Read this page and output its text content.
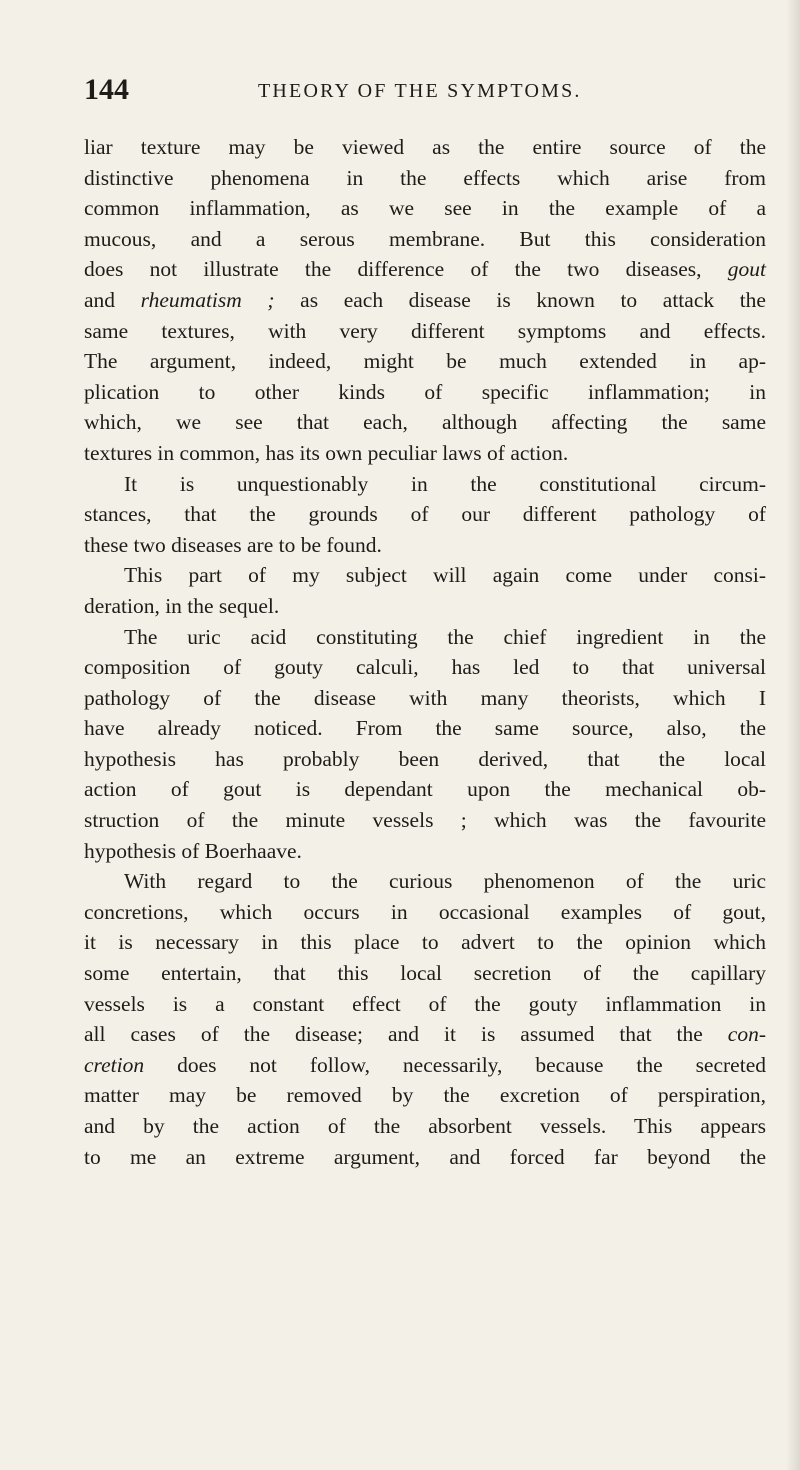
144	THEORY OF THE SYMPTOMS.
liar texture may be viewed as the entire source of the
distinctive phenomena in the effects which arise from
common inflammation, as we see in the example of a
mucous, and a serous membrane. But this consideration
does not illustrate the difference of the two diseases, gout
and rheumatism ; as each disease is known to attack the
same textures, with very different symptoms and effects.
The argument, indeed, might be much extended in ap-
plication to other kinds of specific inflammation; in
which, we see that each, although affecting the same
textures in common, has its own peculiar laws of action.
It is unquestionably in the constitutional circum-
stances, that the grounds of our different pathology of
these two diseases are to be found.
This part of my subject will again come under consi-
deration, in the sequel.
The uric acid constituting the chief ingredient in the
composition of gouty calculi, has led to that universal
pathology of the disease with many theorists, which I
have already noticed. From the same source, also, the
hypothesis has probably been derived, that the local
action of gout is dependant upon the mechanical ob-
struction of the minute vessels ; which was the favourite
hypothesis of Boerhaave.
With regard to the curious phenomenon of the uric
concretions, which occurs in occasional examples of gout,
it is necessary in this place to advert to the opinion which
some entertain, that this local secretion of the capillary
vessels is a constant effect of the gouty inflammation in
all cases of the disease; and it is assumed that the con-
cretion does not follow, necessarily, because the secreted
matter may be removed by the excretion of perspiration,
and by the action of the absorbent vessels. This appears
to me an extreme argument, and forced far beyond the
